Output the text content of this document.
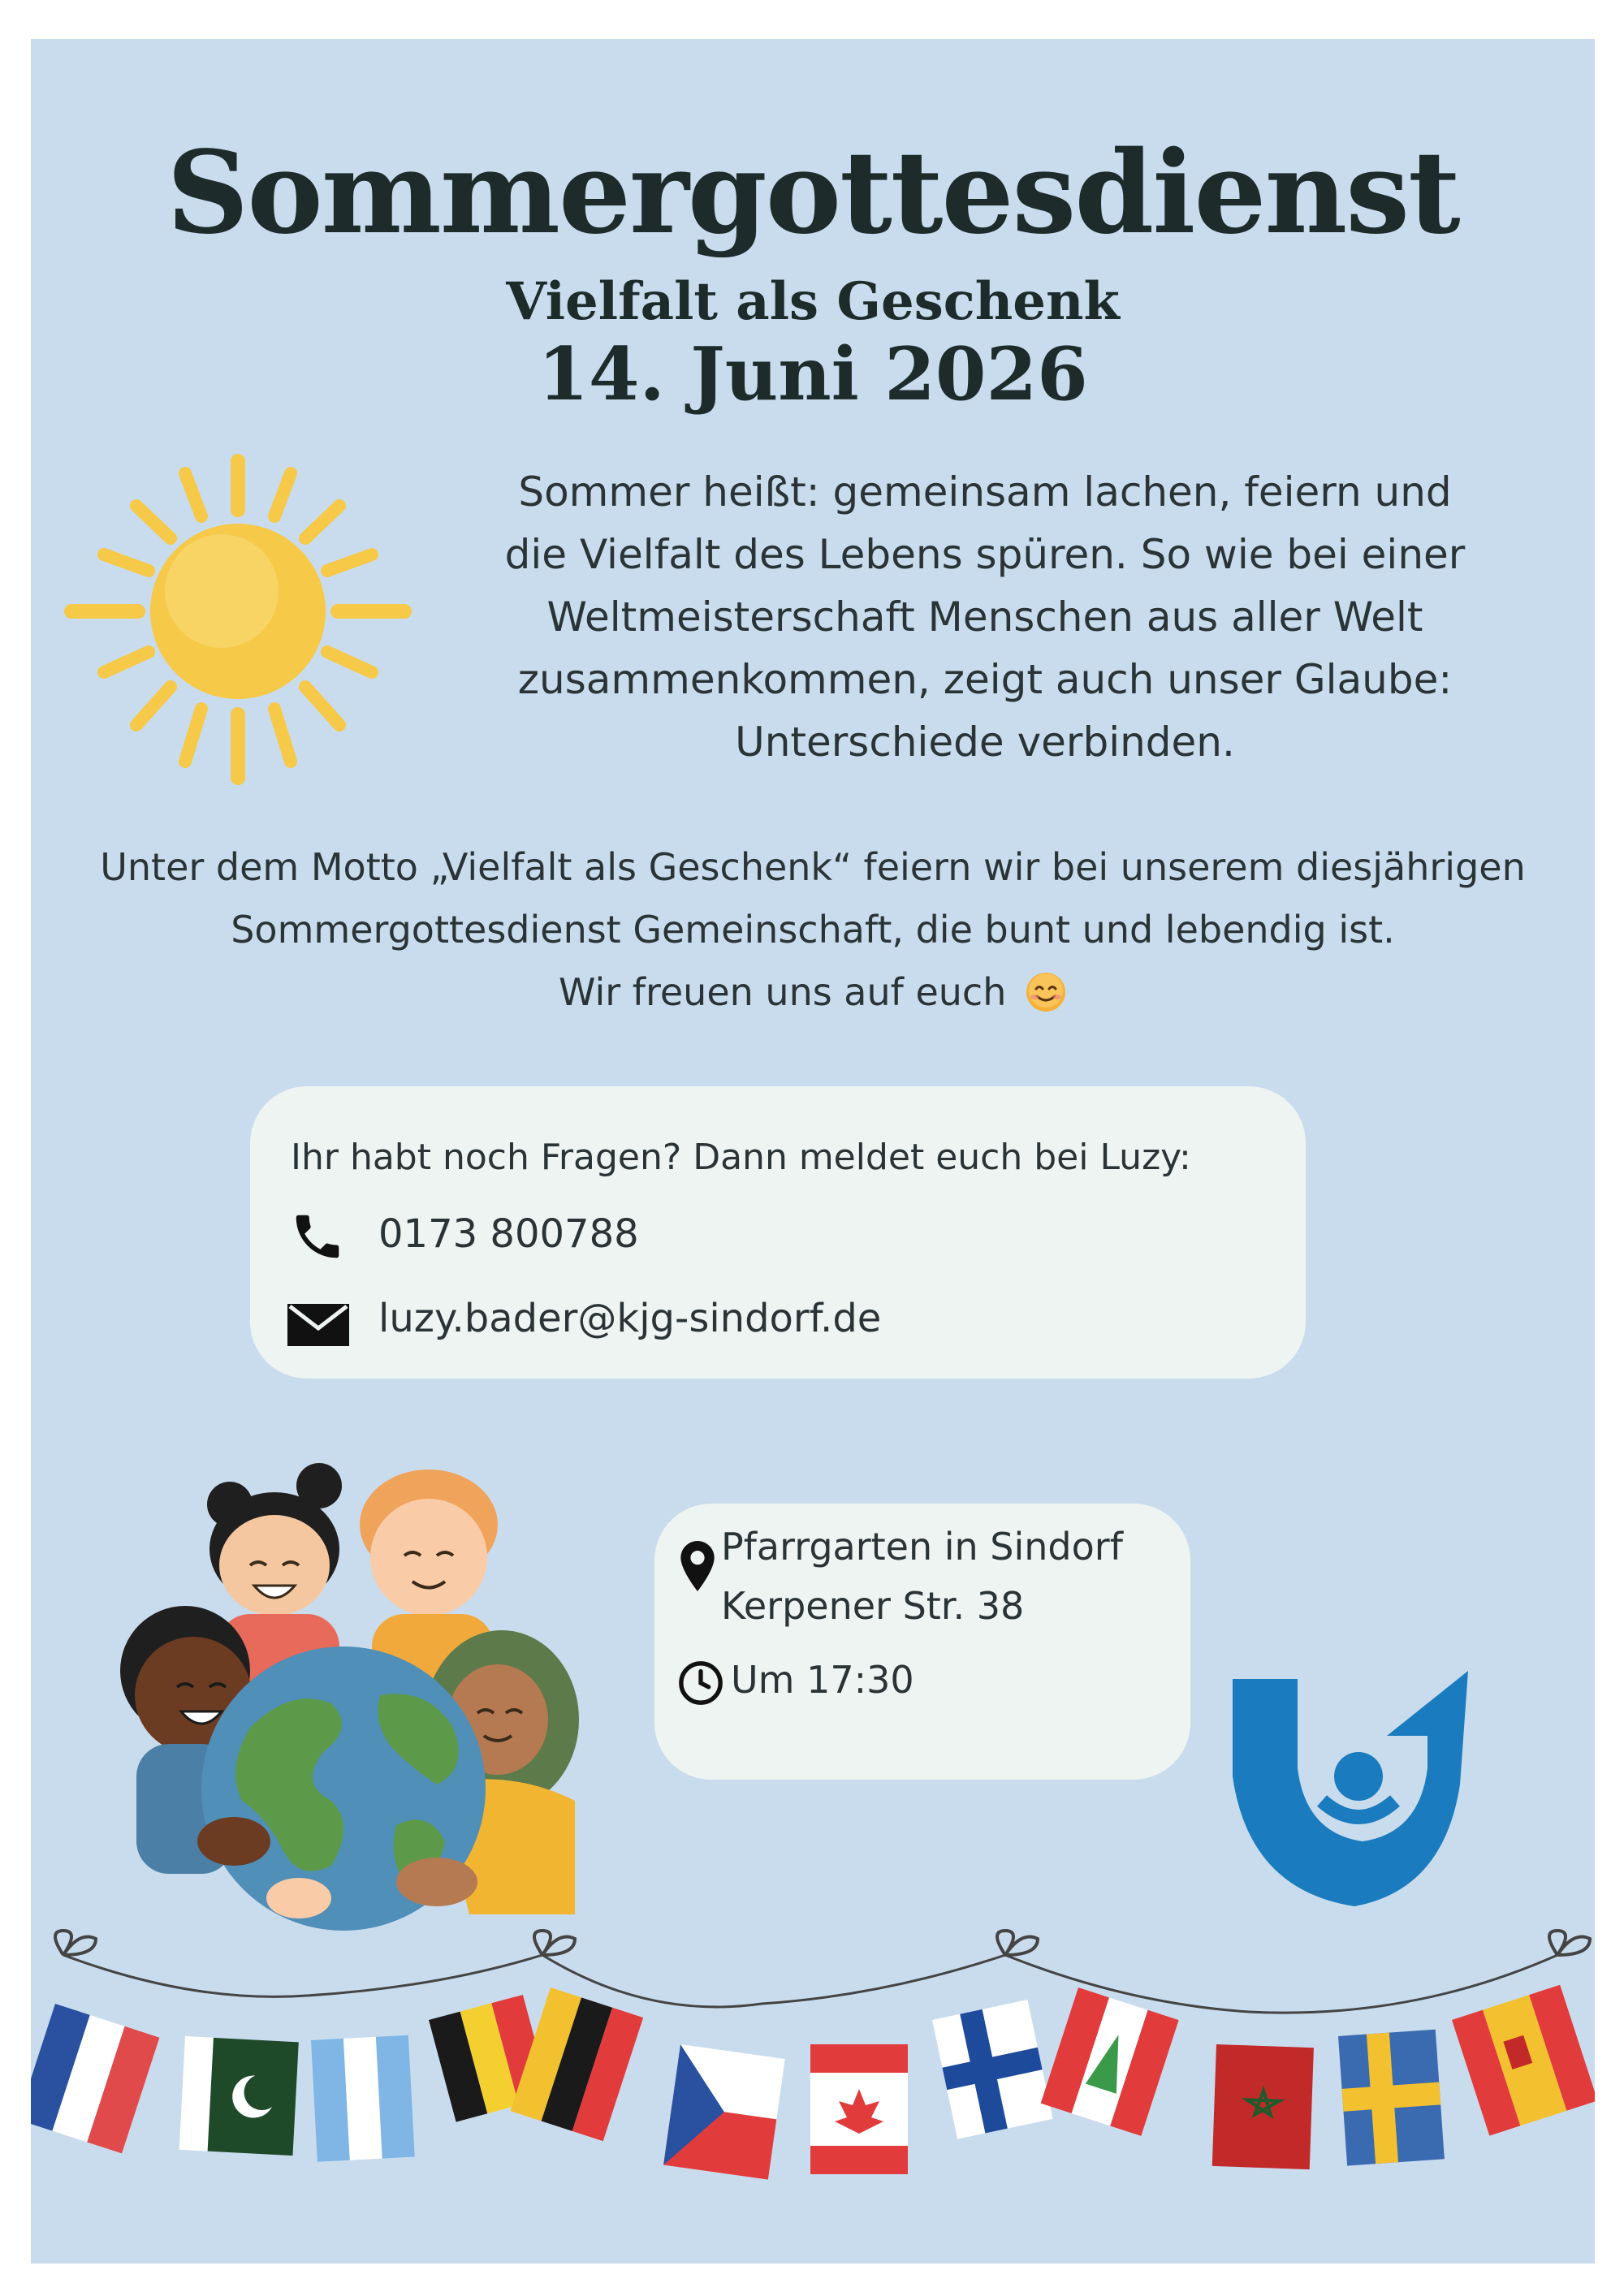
Sommergottesdienst
Vielfalt als Geschenk
14. Juni 2026
Sommer heißt: gemeinsam lachen, feiern und
die Vielfalt des Lebens spüren. So wie bei einer
Weltmeisterschaft Menschen aus aller Welt
zusammenkommen, zeigt auch unser Glaube:
Unterschiede verbinden.
Unter dem Motto „Vielfalt als Geschenk“ feiern wir bei unserem diesjährigen
Sommergottesdienst Gemeinschaft, die bunt und lebendig ist.
Wir freuen uns auf euch
Ihr habt noch Fragen? Dann meldet euch bei Luzy:
0173 800788
luzy.bader@kjg-sindorf.de
Pfarrgarten in Sindorf
Kerpener Str. 38
Um 17:30
